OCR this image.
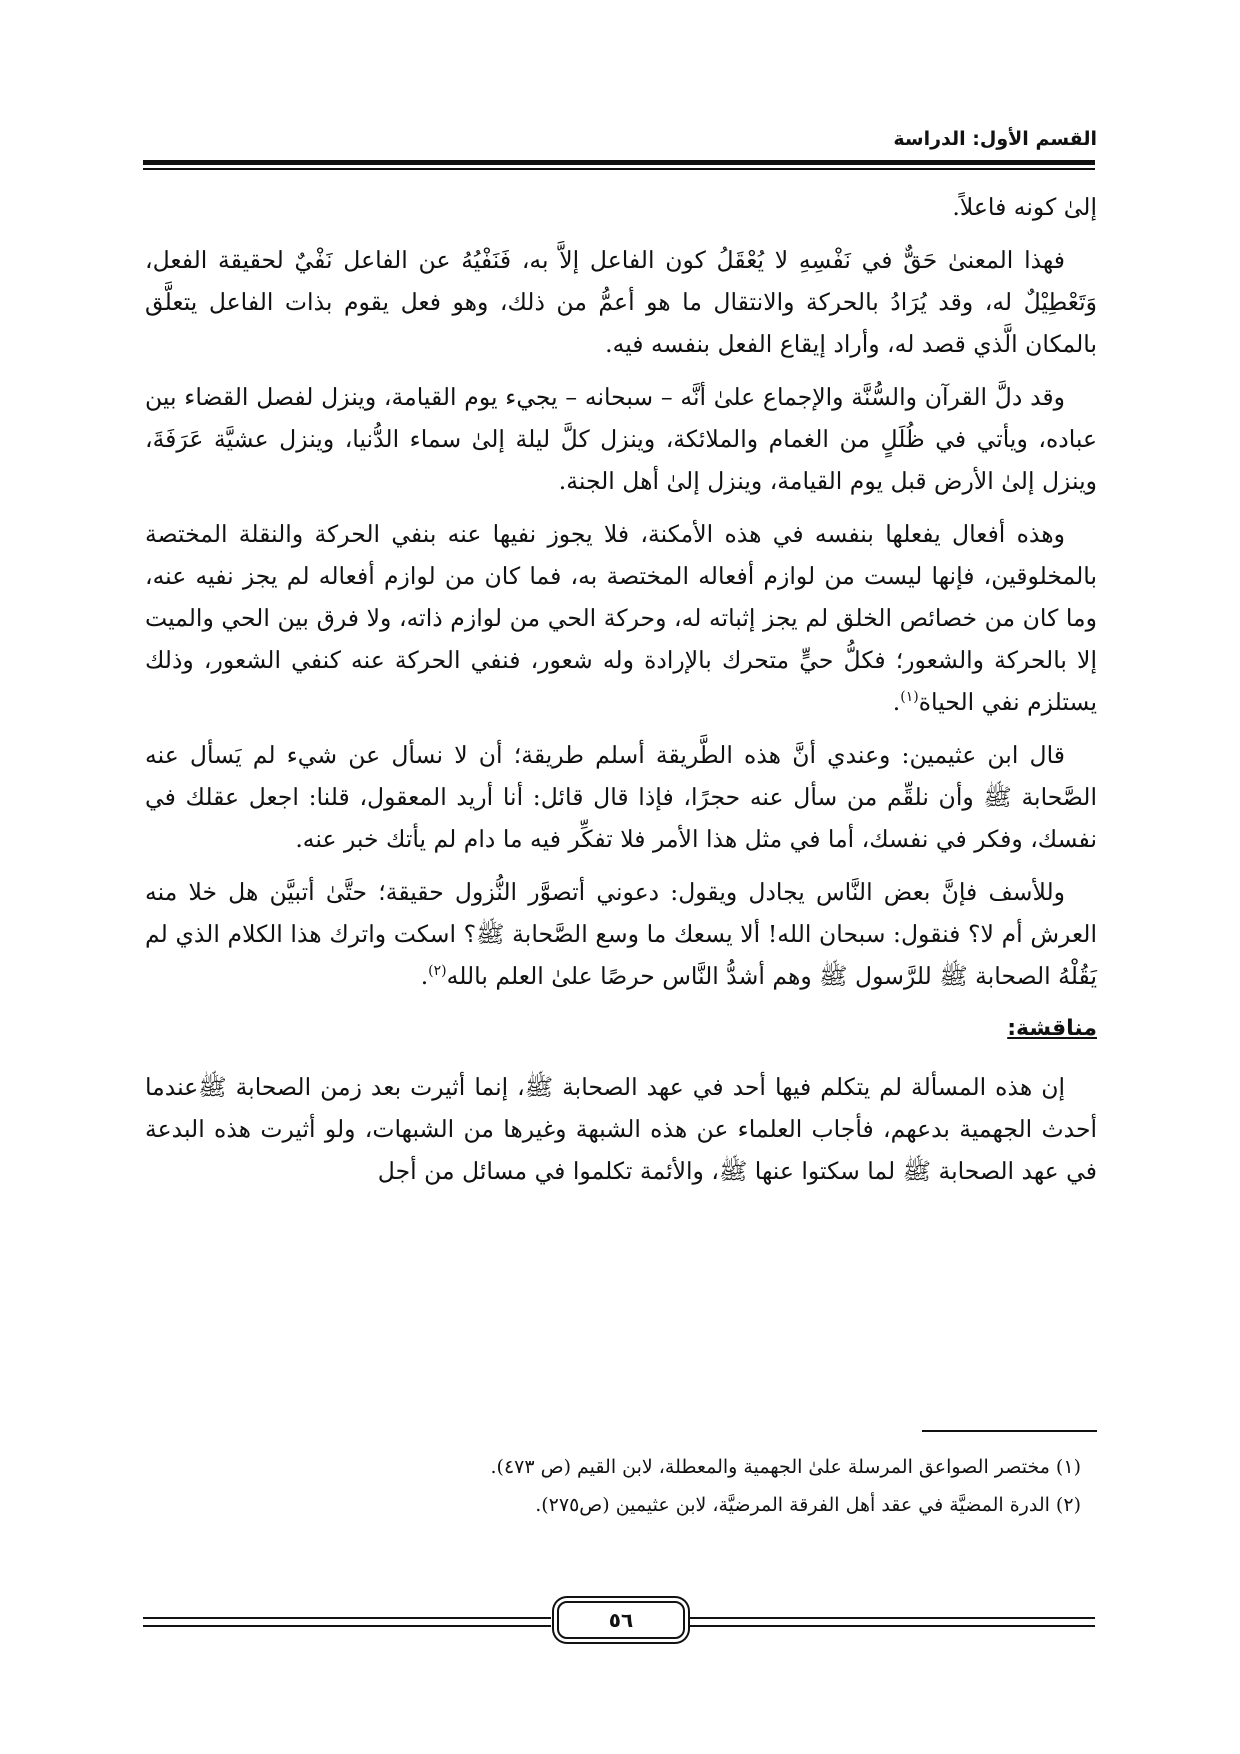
القسم الأول: الدراسة

إلىٰ كونه فاعلاً.

فهذا المعنىٰ حَقٌّ في نَفْسِهِ لا يُعْقَلُ كون الفاعل إلاَّ به، فَنَفْيُهُ عن الفاعل نَفْيٌ لحقيقة الفعل، وَتَعْطِيْلٌ له، وقد يُرَادُ بالحركة والانتقال ما هو أعمُّ من ذلك، وهو فعل يقوم بذات الفاعل يتعلَّق بالمكان الَّذي قصد له، وأراد إيقاع الفعل بنفسه فيه.

وقد دلَّ القرآن والسُّنَّة والإجماع علىٰ أنَّه – سبحانه – يجيء يوم القيامة، وينزل لفصل القضاء بين عباده، ويأتي في ظُلَلٍ من الغمام والملائكة، وينزل كلَّ ليلة إلىٰ سماء الدُّنيا، وينزل عشيَّة عَرَفَةَ، وينزل إلىٰ الأرض قبل يوم القيامة، وينزل إلىٰ أهل الجنة.

وهذه أفعال يفعلها بنفسه في هذه الأمكنة، فلا يجوز نفيها عنه بنفي الحركة والنقلة المختصة بالمخلوقين، فإنها ليست من لوازم أفعاله المختصة به، فما كان من لوازم أفعاله لم يجز نفيه عنه، وما كان من خصائص الخلق لم يجز إثباته له، وحركة الحي من لوازم ذاته، ولا فرق بين الحي والميت إلا بالحركة والشعور؛ فكلُّ حيٍّ متحرك بالإرادة وله شعور، فنفي الحركة عنه كنفي الشعور، وذلك يستلزم نفي الحياة$^{(١)}$.

قال ابن عثيمين: وعندي أنَّ هذه الطَّريقة أسلم طريقة؛ أن لا نسأل عن شيء لم يَسأل عنه الصَّحابة ﷺ وأن نلقِّم من سأل عنه حجرًا، فإذا قال قائل: أنا أريد المعقول، قلنا: اجعل عقلك في نفسك، وفكر في نفسك، أما في مثل هذا الأمر فلا تفكِّر فيه ما دام لم يأتك خبر عنه.

وللأسف فإنَّ بعض النَّاس يجادل ويقول: دعوني أتصوَّر النُّزول حقيقة؛ حتَّىٰ أتبيَّن هل خلا منه العرش أم لا؟ فنقول: سبحان الله! ألا يسعك ما وسع الصَّحابة ﷺ؟ اسكت واترك هذا الكلام الذي لم يَقُلْهُ الصحابة ﷺ للرَّسول ﷺ وهم أشدُّ النَّاس حرصًا علىٰ العلم بالله$^{(٢)}$.

مناقشة:

إن هذه المسألة لم يتكلم فيها أحد في عهد الصحابة ﷺ، إنما أثيرت بعد زمن الصحابة ﷺعندما أحدث الجهمية بدعهم، فأجاب العلماء عن هذه الشبهة وغيرها من الشبهات، ولو أثيرت هذه البدعة في عهد الصحابة ﷺ لما سكتوا عنها ﷺ، والأئمة تكلموا في مسائل من أجل

(١) مختصر الصواعق المرسلة علىٰ الجهمية والمعطلة، لابن القيم (ص ٤٧٣).
(٢) الدرة المضيَّة في عقد أهل الفرقة المرضيَّة، لابن عثيمين (ص٢٧٥).
٥٦
